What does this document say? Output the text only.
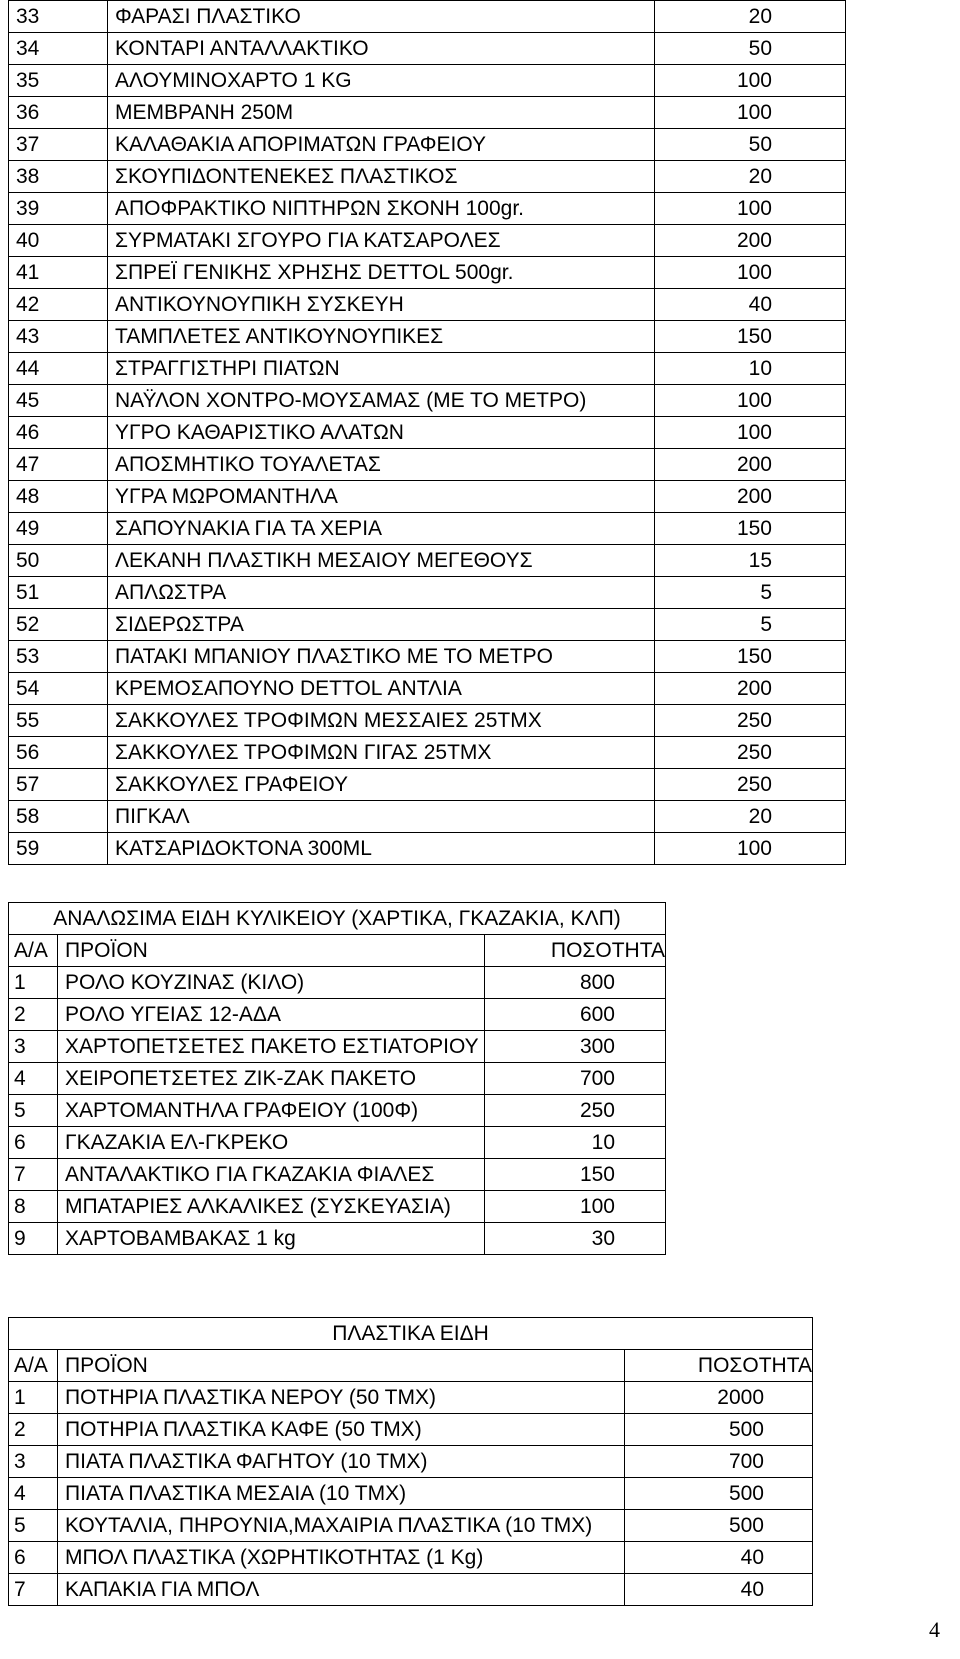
33	ΦΑΡΑΣΙ ΠΛΑΣΤΙΚΟ	20
34	ΚΟΝΤΑΡΙ ΑΝΤΑΛΛΑΚΤΙΚΟ	50
35	ΑΛΟΥΜΙΝΟΧΑΡΤΟ 1 KG	100
36	ΜΕΜΒΡΑΝΗ 250Μ	100
37	ΚΑΛΑΘΑΚΙΑ ΑΠΟΡΙΜΑΤΩΝ ΓΡΑΦΕΙΟΥ	50
38	ΣΚΟΥΠΙΔΟΝΤΕΝΕΚΕΣ ΠΛΑΣΤΙΚΟΣ	20
39	ΑΠΟΦΡΑΚΤΙΚΟ ΝΙΠΤΗΡΩΝ ΣΚΟΝΗ 100gr.	100
40	ΣΥΡΜΑΤΑΚΙ ΣΓΟΥΡΟ ΓΙΑ ΚΑΤΣΑΡΟΛΕΣ	200
41	ΣΠΡΕΪ ΓΕΝΙΚΗΣ ΧΡΗΣΗΣ DETTOL 500gr.	100
42	ΑΝΤΙΚΟΥΝΟΥΠΙΚΗ ΣΥΣΚΕΥΗ	40
43	ΤΑΜΠΛΕΤΕΣ ΑΝΤΙΚΟΥΝΟΥΠΙΚΕΣ	150
44	ΣΤΡΑΓΓΙΣΤΗΡΙ ΠΙΑΤΩΝ	10
45	ΝΑΫΛΟΝ ΧΟΝΤΡΟ-ΜΟΥΣΑΜΑΣ (ΜΕ ΤΟ ΜΕΤΡΟ)	100
46	ΥΓΡΟ ΚΑΘΑΡΙΣΤΙΚΟ ΑΛΑΤΩΝ	100
47	ΑΠΟΣΜΗΤΙΚΟ ΤΟΥΑΛΕΤΑΣ	200
48	ΥΓΡΑ ΜΩΡΟΜΑΝΤΗΛΑ	200
49	ΣΑΠΟΥΝΑΚΙΑ ΓΙΑ ΤΑ ΧΕΡΙΑ	150
50	ΛΕΚΑΝΗ ΠΛΑΣΤΙΚΗ ΜΕΣΑΙΟΥ ΜΕΓΕΘΟΥΣ	15
51	ΑΠΛΩΣΤΡΑ	5
52	ΣΙΔΕΡΩΣΤΡΑ	5
53	ΠΑΤΑΚΙ ΜΠΑΝΙΟΥ ΠΛΑΣΤΙΚΟ ΜΕ ΤΟ ΜΕΤΡΟ	150
54	ΚΡΕΜΟΣΑΠΟΥΝΟ DETTOL ΑΝΤΛΙΑ	200
55	ΣΑΚΚΟΥΛΕΣ ΤΡΟΦΙΜΩΝ ΜΕΣΣΑΙΕΣ 25ΤΜΧ	250
56	ΣΑΚΚΟΥΛΕΣ ΤΡΟΦΙΜΩΝ ΓΙΓΑΣ 25ΤΜΧ	250
57	ΣΑΚΚΟΥΛΕΣ ΓΡΑΦΕΙΟΥ	250
58	ΠΙΓΚΑΛ	20
59	ΚΑΤΣΑΡΙΔΟΚΤΟΝΑ 300ML	100
ΑΝΑΛΩΣΙΜΑ ΕΙΔΗ ΚΥΛΙΚΕΙΟΥ (ΧΑΡΤΙΚΑ, ΓΚΑΖΑΚΙΑ, ΚΛΠ)		
Α/Α	ΠΡΟΪΟΝ	ΠΟΣΟΤΗΤΑ
1	ΡΟΛΟ ΚΟΥΖΙΝΑΣ (ΚΙΛΟ)	800
2	ΡΟΛΟ ΥΓΕΙΑΣ 12-ΑΔΑ	600
3	ΧΑΡΤΟΠΕΤΣΕΤΕΣ ΠΑΚΕΤΟ ΕΣΤΙΑΤΟΡΙΟΥ	300
4	ΧΕΙΡΟΠΕΤΣΕΤΕΣ ΖΙΚ-ΖΑΚ ΠΑΚΕΤΟ	700
5	ΧΑΡΤΟΜΑΝΤΗΛΑ ΓΡΑΦΕΙΟΥ (100Φ)	250
6	ΓΚΑΖΑΚΙΑ ΕΛ-ΓΚΡΕΚΟ	10
7	ΑΝΤΑΛΑΚΤΙΚΟ ΓΙΑ ΓΚΑΖΑΚΙΑ ΦΙΑΛΕΣ	150
8	ΜΠΑΤΑΡΙΕΣ ΑΛΚΑΛΙΚΕΣ (ΣΥΣΚΕΥΑΣΙΑ)	100
9	ΧΑΡΤΟΒΑΜΒΑΚΑΣ 1 kg	30
ΠΛΑΣΤΙΚΑ ΕΙΔΗ		
Α/Α	ΠΡΟΪΟΝ	ΠΟΣΟΤΗΤΑ
1	ΠΟΤΗΡΙΑ ΠΛΑΣΤΙΚΑ ΝΕΡΟΥ (50 ΤΜΧ)	2000
2	ΠΟΤΗΡΙΑ ΠΛΑΣΤΙΚΑ ΚΑΦΕ (50 ΤΜΧ)	500
3	ΠΙΑΤΑ ΠΛΑΣΤΙΚΑ ΦΑΓΗΤΟΥ (10 ΤΜΧ)	700
4	ΠΙΑΤΑ ΠΛΑΣΤΙΚΑ ΜΕΣΑΙΑ (10 ΤΜΧ)	500
5	ΚΟΥΤΑΛΙΑ, ΠΗΡΟΥΝΙΑ,ΜΑΧΑΙΡΙΑ ΠΛΑΣΤΙΚΑ (10 ΤΜΧ)	500
6	ΜΠΟΛ ΠΛΑΣΤΙΚΑ (ΧΩΡΗΤΙΚΟΤΗΤΑΣ (1 Kg)	40
7	ΚΑΠΑΚΙΑ ΓΙΑ ΜΠΟΛ	40
4
